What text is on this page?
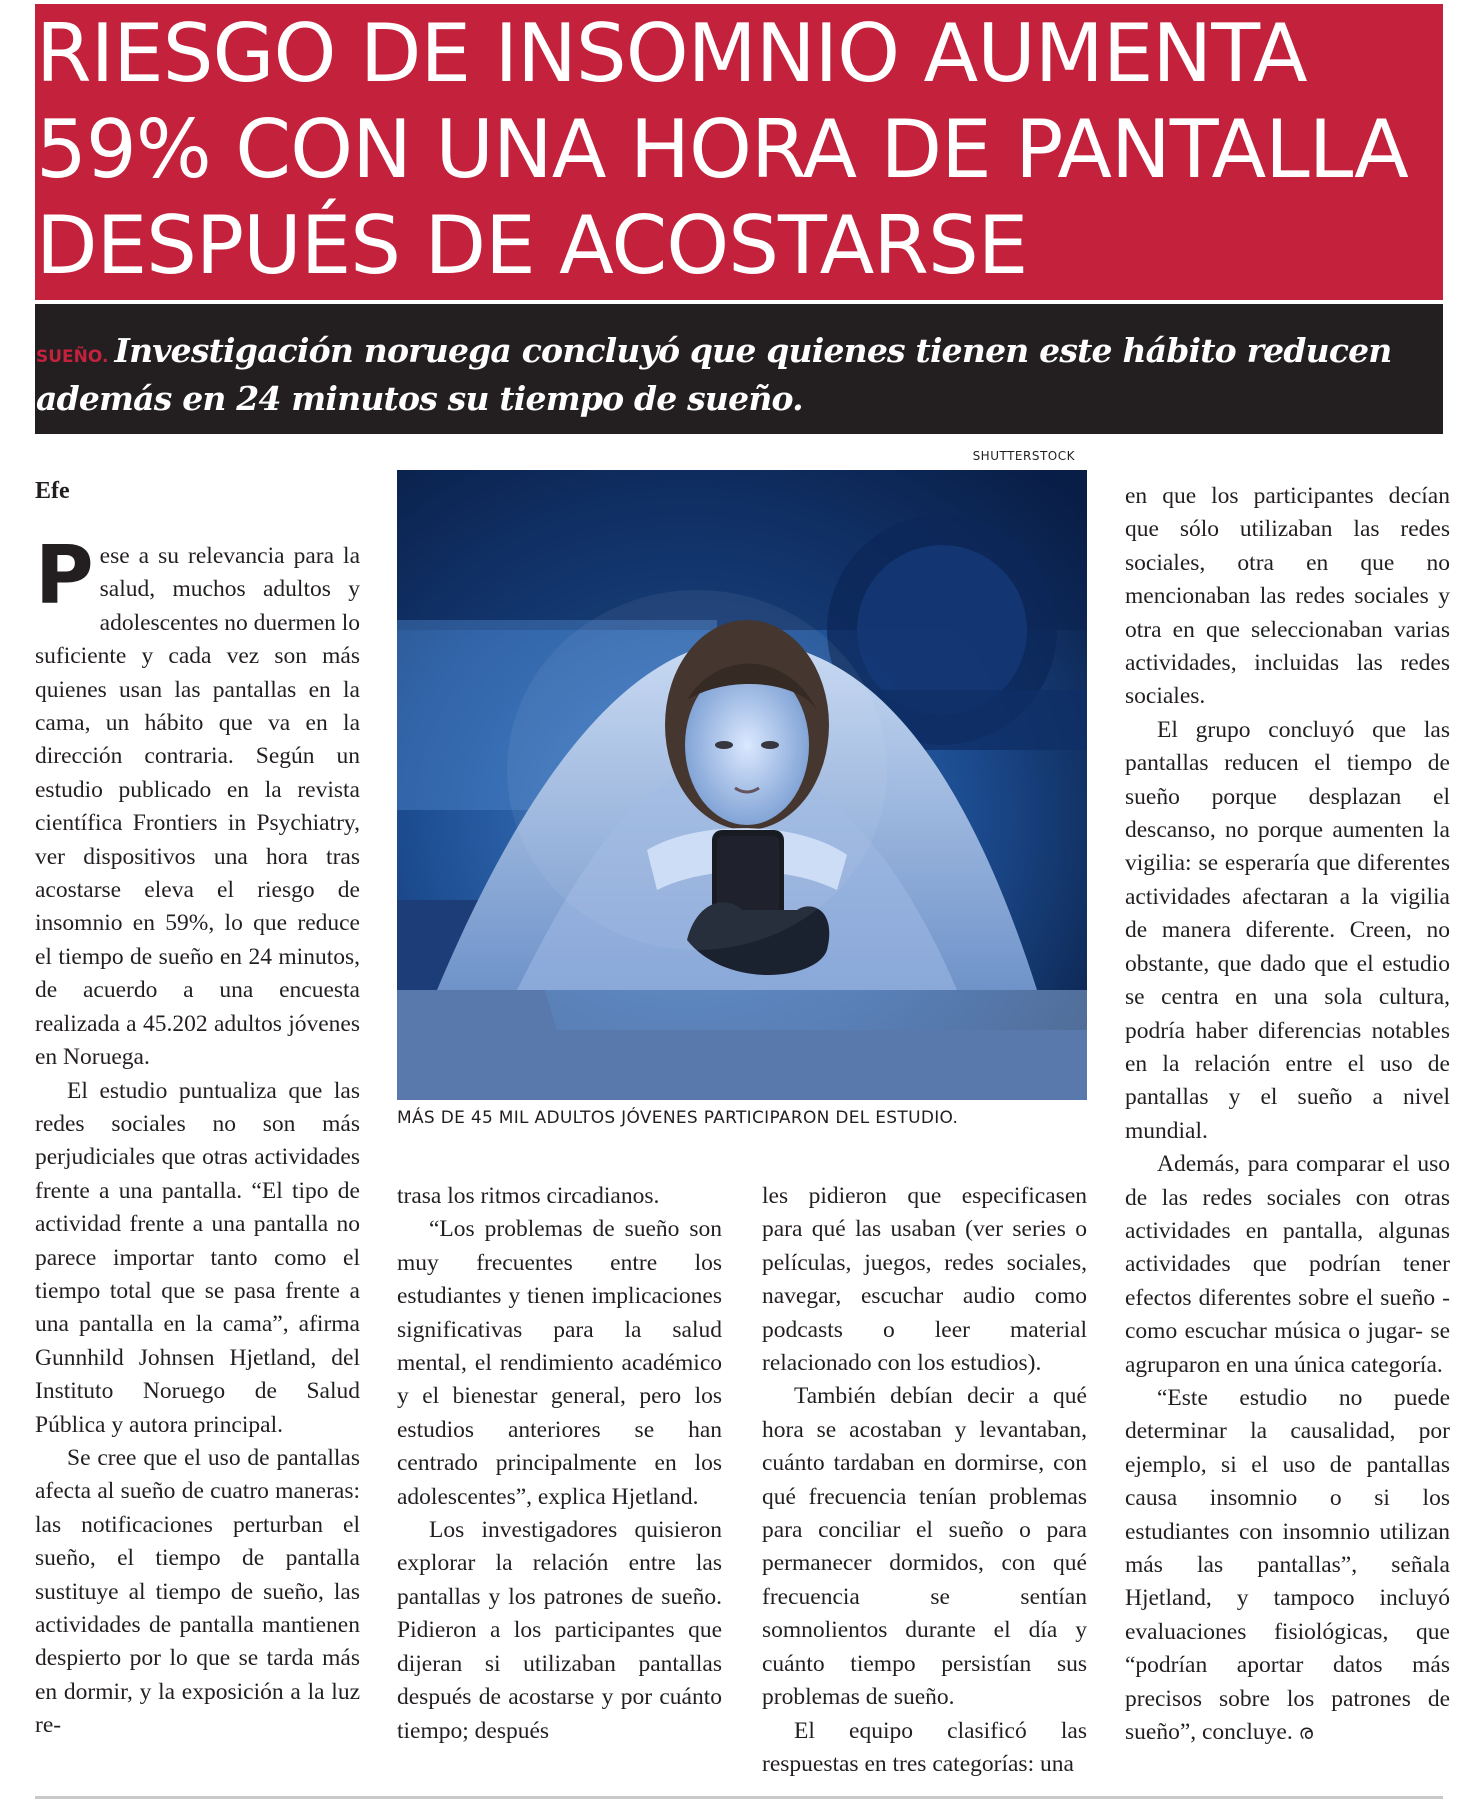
RIESGO DE INSOMNIO AUMENTA
59% CON UNA HORA DE PANTALLA
DESPUÉS DE ACOSTARSE
SUEÑO. Investigación noruega concluyó que quienes tienen este hábito reducen además en 24 minutos su tiempo de sueño.
Efe

Pese a su relevancia para la salud, muchos adultos y adolescentes no duermen lo suficiente y cada vez son más quienes usan las pantallas en la cama, un hábito que va en la dirección contraria. Según un estudio publicado en la revista científica Frontiers in Psychiatry, ver dispositivos una hora tras acostarse eleva el riesgo de insomnio en 59%, lo que reduce el tiempo de sueño en 24 minutos, de acuerdo a una encuesta realizada a 45.202 adultos jóvenes en Noruega.

El estudio puntualiza que las redes sociales no son más perjudiciales que otras actividades frente a una pantalla. “El tipo de actividad frente a una pantalla no parece importar tanto como el tiempo total que se pasa frente a una pantalla en la cama”, afirma Gunnhild Johnsen Hjetland, del Instituto Noruego de Salud Pública y autora principal.

Se cree que el uso de pantallas afecta al sueño de cuatro maneras: las notificaciones perturban el sueño, el tiempo de pantalla sustituye al tiempo de sueño, las actividades de pantalla mantienen despierto por lo que se tarda más en dormir, y la exposición a la luz re-

SHUTTERSTOCK
MÁS DE 45 MIL ADULTOS JÓVENES PARTICIPARON DEL ESTUDIO.

trasa los ritmos circadianos.

“Los problemas de sueño son muy frecuentes entre los estudiantes y tienen implicaciones significativas para la salud mental, el rendimiento académico y el bienestar general, pero los estudios anteriores se han centrado principalmente en los adolescentes”, explica Hjetland.

Los investigadores quisieron explorar la relación entre las pantallas y los patrones de sueño. Pidieron a los participantes que dijeran si utilizaban pantallas después de acostarse y por cuánto tiempo; después

les pidieron que especificasen para qué las usaban (ver series o películas, juegos, redes sociales, navegar, escuchar audio como podcasts o leer material relacionado con los estudios).

También debían decir a qué hora se acostaban y levantaban, cuánto tardaban en dormirse, con qué frecuencia tenían problemas para conciliar el sueño o para permanecer dormidos, con qué frecuencia se sentían somnolientos durante el día y cuánto tiempo persistían sus problemas de sueño.

El equipo clasificó las respuestas en tres categorías: una

en que los participantes decían que sólo utilizaban las redes sociales, otra en que no mencionaban las redes sociales y otra en que seleccionaban varias actividades, incluidas las redes sociales.

El grupo concluyó que las pantallas reducen el tiempo de sueño porque desplazan el descanso, no porque aumenten la vigilia: se esperaría que diferentes actividades afectaran a la vigilia de manera diferente. Creen, no obstante, que dado que el estudio se centra en una sola cultura, podría haber diferencias notables en la relación entre el uso de pantallas y el sueño a nivel mundial.

Además, para comparar el uso de las redes sociales con otras actividades en pantalla, algunas actividades que podrían tener efectos diferentes sobre el sueño -como escuchar música o jugar- se agruparon en una única categoría.

“Este estudio no puede determinar la causalidad, por ejemplo, si el uso de pantallas causa insomnio o si los estudiantes con insomnio utilizan más las pantallas”, señala Hjetland, y tampoco incluyó evaluaciones fisiológicas, que “podrían aportar datos más precisos sobre los patrones de sueño”, concluye. ര
